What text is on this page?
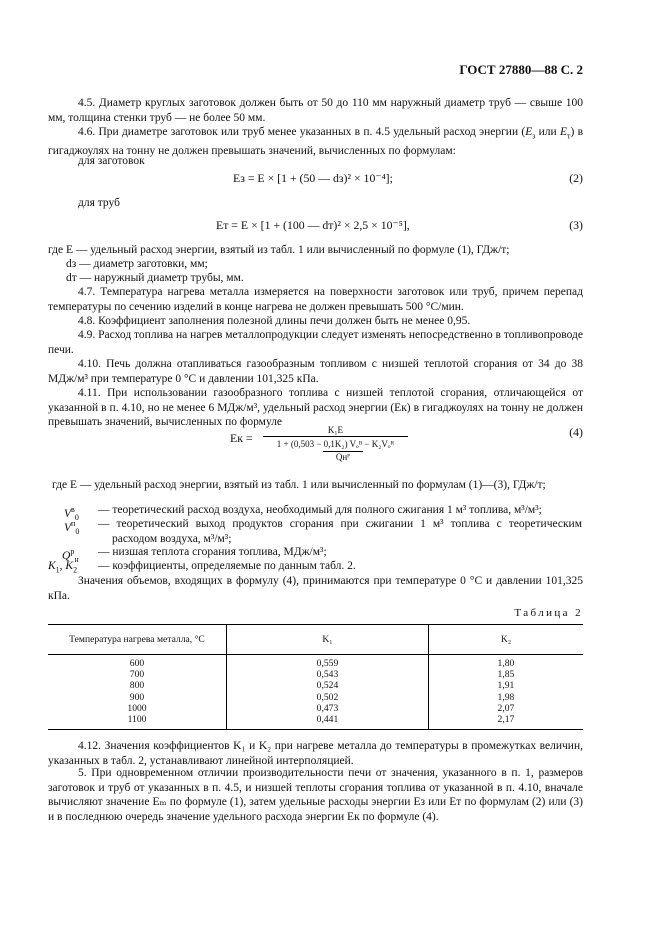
ГОСТ 27880—88 С. 2
4.5. Диаметр круглых заготовок должен быть от 50 до 110 мм наружный диаметр труб — свыше 100 мм, толщина стенки труб — не более 50 мм.
4.6. При диаметре заготовок или труб менее указанных в п. 4.5 удельный расход энергии ($E_з$ или $E_т$) в гигаджоулях на тонну не должен превышать значений, вычисленных по формулам:
для заготовок
Eз = E × [1 + (50 — dз)² × 10⁻⁴];	(2)
для труб
Eт = E × [1 + (100 — dт)² × 2,5 × 10⁻⁵],	(3)
где E — удельный расход энергии, взятый из табл. 1 или вычисленный по формуле (1), ГДж/т;
dз — диаметр заготовки, мм;
dт — наружный диаметр трубы, мм.
4.7. Температура нагрева металла измеряется на поверхности заготовок или труб, причем перепад температуры по сечению изделий в конце нагрева не должен превышать 500 °С/мин.
4.8. Коэффициент заполнения полезной длины печи должен быть не менее 0,95.
4.9. Расход топлива на нагрев металлопродукции следует изменять непосредственно в топливопроводе печи.
4.10. Печь должна отапливаться газообразным топливом с низшей теплотой сгорания от 34 до 38 МДж/м³ при температуре 0 °С и давлении 101,325 кПа.
4.11. При использовании газообразного топлива с низшей теплотой сгорания, отличающейся от указанной в п. 4.10, но не менее 6 МДж/м³, удельный расход энергии (Eк) в гигаджоулях на тонну не должен превышать значений, вычисленных по формуле
Eк =
K₁E
1 + (0,503 − 0,1K₂) Vₒᴮ − K₂Vₒᴿ
Qнᴾ
(4)
где E — удельный расход энергии, взятый из табл. 1 или вычисленный по формулам (1)—(3), ГДж/т;
$V^в_0$
— теоретический расход воздуха, необходимый для полного сжигания 1 м³ топлива, м³/м³;
$V^п_0$
— теоретический выход продуктов сгорания при сжигании 1 м³ топлива с теоретическим расходом воздуха, м³/м³;
$Q^р_н$
— низшая теплота сгорания топлива, МДж/м³;
$K_1$, $K_2$ — коэффициенты, определяемые по данным табл. 2.
Значения объемов, входящих в формулу (4), принимаются при температуре 0 °С и давлении 101,325 кПа.
Таблица 2
Температура нагрева металла, °С	K₁	K₂
600	0,559	1,80
700	0,543	1,85
800	0,524	1,91
900	0,502	1,98
1000	0,473	2,07
1100	0,441	2,17
4.12. Значения коэффициентов K₁ и K₂ при нагреве металла до температуры в промежутках величин, указанных в табл. 2, устанавливают линейной интерполяцией.
5. При одновременном отличии производительности печи от значения, указанного в п. 1, размеров заготовок и труб от указанных в п. 4.5, и низшей теплоты сгорания топлива от указанной в п. 4.10, вначале вычисляют значение Eₘ по формуле (1), затем удельные расходы энергии Eз или Eт по формулам (2) или (3) и в последнюю очередь значение удельного расхода энергии Eк по формуле (4).
